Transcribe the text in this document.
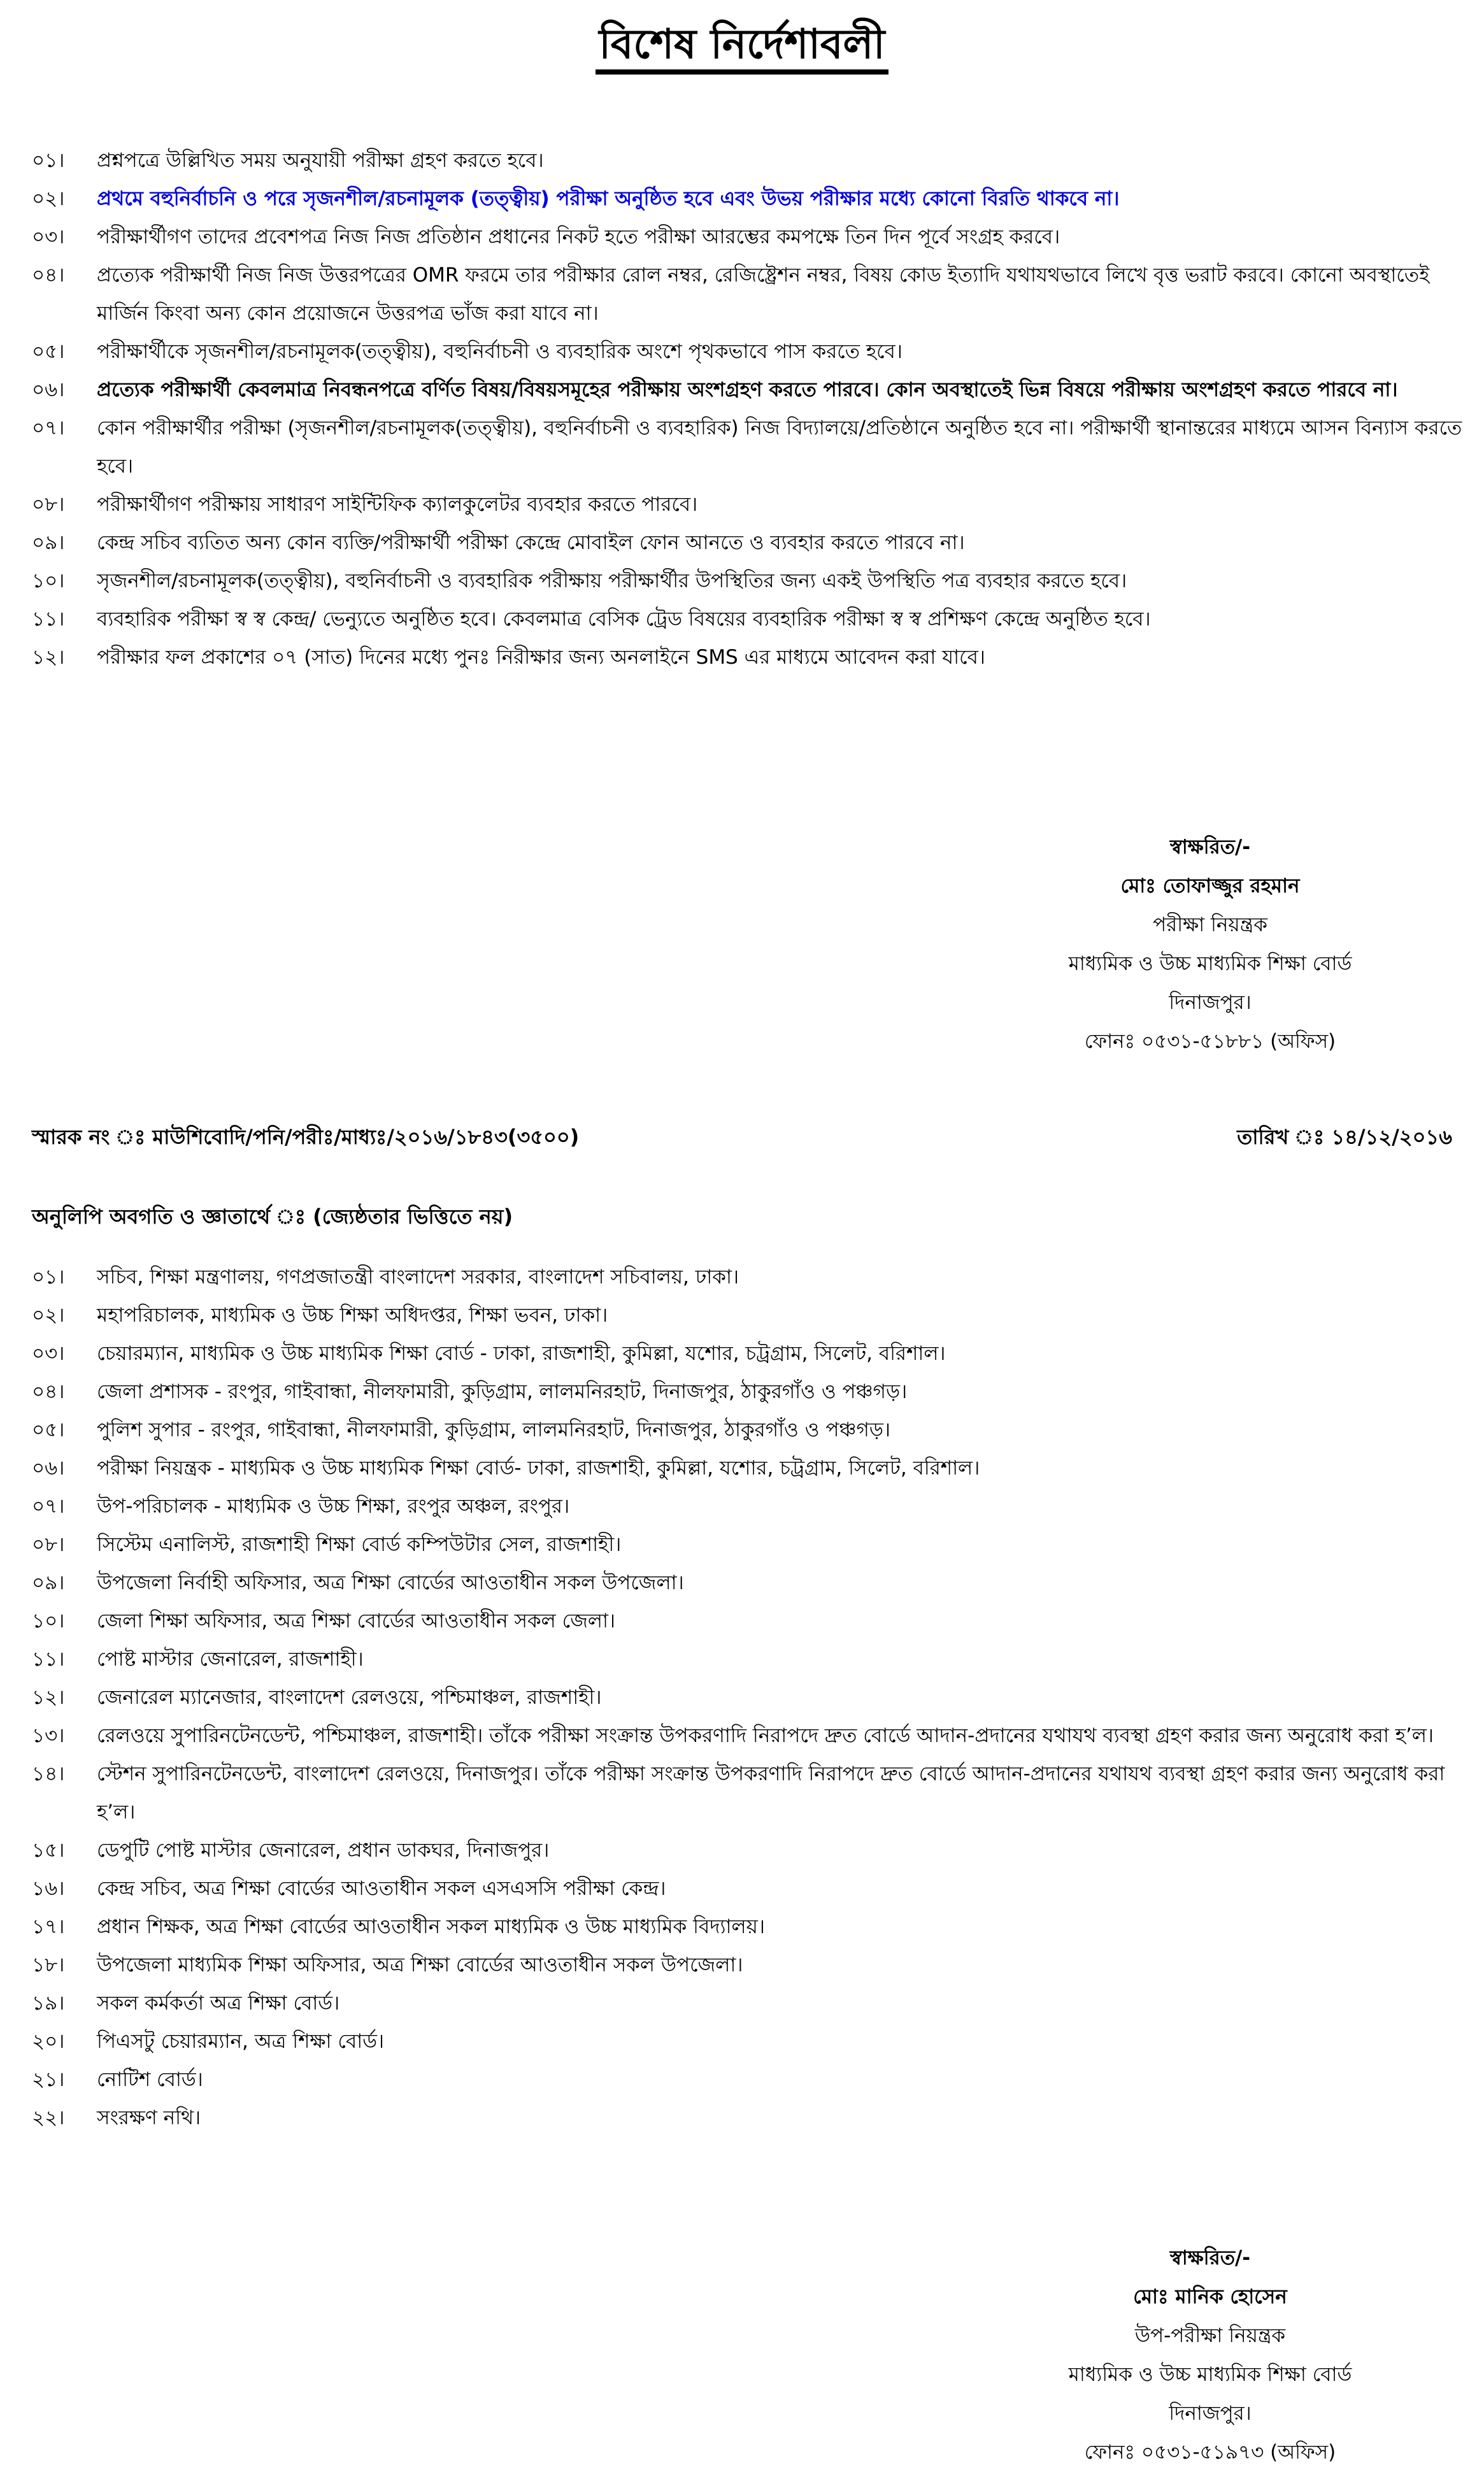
বিশেষ নির্দেশাবলী
০১।	প্রশ্নপত্রে উল্লিখিত সময় অনুযায়ী পরীক্ষা গ্রহণ করতে হবে।
০২।	প্রথমে বহুনির্বাচনি ও পরে সৃজনশীল/রচনামূলক (তত্ত্বীয়) পরীক্ষা অনুষ্ঠিত হবে এবং উভয় পরীক্ষার মধ্যে কোনো বিরতি থাকবে না।
০৩।	পরীক্ষার্থীগণ তাদের প্রবেশপত্র নিজ নিজ প্রতিষ্ঠান প্রধানের নিকট হতে পরীক্ষা আরম্ভের কমপক্ষে তিন দিন পূর্বে সংগ্রহ করবে।
০৪।	প্রত্যেক পরীক্ষার্থী নিজ নিজ উত্তরপত্রের OMR ফরমে তার পরীক্ষার রোল নম্বর, রেজিষ্ট্রেশন নম্বর, বিষয় কোড ইত্যাদি যথাযথভাবে লিখে বৃত্ত ভরাট করবে। কোনো অবস্থাতেই মার্জিন কিংবা অন্য কোন প্রয়োজনে উত্তরপত্র ভাঁজ করা যাবে না।
০৫।	পরীক্ষার্থীকে সৃজনশীল/রচনামূলক(তত্ত্বীয়), বহুনির্বাচনী ও ব্যবহারিক অংশে পৃথকভাবে পাস করতে হবে।
০৬।	প্রত্যেক পরীক্ষার্থী কেবলমাত্র নিবন্ধনপত্রে বর্ণিত বিষয়/বিষয়সমূহের পরীক্ষায় অংশগ্রহণ করতে পারবে। কোন অবস্থাতেই ভিন্ন বিষয়ে পরীক্ষায় অংশগ্রহণ করতে পারবে না।
০৭।	কোন পরীক্ষার্থীর পরীক্ষা (সৃজনশীল/রচনামূলক(তত্ত্বীয়), বহুনির্বাচনী ও ব্যবহারিক) নিজ বিদ্যালয়ে/প্রতিষ্ঠানে অনুষ্ঠিত হবে না। পরীক্ষার্থী স্থানান্তরের মাধ্যমে আসন বিন্যাস করতে হবে।
০৮।	পরীক্ষার্থীগণ পরীক্ষায় সাধারণ সাইন্টিফিক ক্যালকুলেটর ব্যবহার করতে পারবে।
০৯।	কেন্দ্র সচিব ব্যতিত অন্য কোন ব্যক্তি/পরীক্ষার্থী পরীক্ষা কেন্দ্রে মোবাইল ফোন আনতে ও ব্যবহার করতে পারবে না।
১০।	সৃজনশীল/রচনামূলক(তত্ত্বীয়), বহুনির্বাচনী ও ব্যবহারিক পরীক্ষায় পরীক্ষার্থীর উপস্থিতির জন্য একই উপস্থিতি পত্র ব্যবহার করতে হবে।
১১।	ব্যবহারিক পরীক্ষা স্ব স্ব কেন্দ্র/ ভেন্যুতে অনুষ্ঠিত হবে। কেবলমাত্র বেসিক ট্রেড বিষয়ের ব্যবহারিক পরীক্ষা স্ব স্ব প্রশিক্ষণ কেন্দ্রে অনুষ্ঠিত হবে।
১২।	পরীক্ষার ফল প্রকাশের ০৭ (সাত) দিনের মধ্যে পুনঃ নিরীক্ষার জন্য অনলাইনে SMS এর মাধ্যমে আবেদন করা যাবে।
স্বাক্ষরিত/-
মোঃ তোফাজ্জুর রহমান
পরীক্ষা নিয়ন্ত্রক
মাধ্যমিক ও উচ্চ মাধ্যমিক শিক্ষা বোর্ড
দিনাজপুর।
ফোনঃ ০৫৩১-৫১৮৮১ (অফিস)
স্মারক নং ঃ মাউশিবোদি/পনি/পরীঃ/মাধ্যঃ/২০১৬/১৮৪৩(৩৫০০)	তারিখ ঃ ১৪/১২/২০১৬
অনুলিপি অবগতি ও জ্ঞাতার্থে ঃ (জ্যেষ্ঠতার ভিত্তিতে নয়)
০১।	সচিব, শিক্ষা মন্ত্রণালয়, গণপ্রজাতন্ত্রী বাংলাদেশ সরকার, বাংলাদেশ সচিবালয়, ঢাকা।
০২।	মহাপরিচালক, মাধ্যমিক ও উচ্চ শিক্ষা অধিদপ্তর, শিক্ষা ভবন, ঢাকা।
০৩।	চেয়ারম্যান, মাধ্যমিক ও উচ্চ মাধ্যমিক শিক্ষা বোর্ড - ঢাকা, রাজশাহী, কুমিল্লা, যশোর, চট্রগ্রাম, সিলেট, বরিশাল।
০৪।	জেলা প্রশাসক - রংপুর, গাইবান্ধা, নীলফামারী, কুড়িগ্রাম, লালমনিরহাট, দিনাজপুর, ঠাকুরগাঁও ও পঞ্চগড়।
০৫।	পুলিশ সুপার - রংপুর, গাইবান্ধা, নীলফামারী, কুড়িগ্রাম, লালমনিরহাট, দিনাজপুর, ঠাকুরগাঁও ও পঞ্চগড়।
০৬।	পরীক্ষা নিয়ন্ত্রক - মাধ্যমিক ও উচ্চ মাধ্যমিক শিক্ষা বোর্ড- ঢাকা, রাজশাহী, কুমিল্লা, যশোর, চট্রগ্রাম, সিলেট, বরিশাল।
০৭।	উপ-পরিচালক - মাধ্যমিক ও উচ্চ শিক্ষা, রংপুর অঞ্চল, রংপুর।
০৮।	সিস্টেম এনালিস্ট, রাজশাহী শিক্ষা বোর্ড কম্পিউটার সেল, রাজশাহী।
০৯।	উপজেলা নির্বাহী অফিসার, অত্র শিক্ষা বোর্ডের আওতাধীন সকল উপজেলা।
১০।	জেলা শিক্ষা অফিসার, অত্র শিক্ষা বোর্ডের আওতাধীন সকল জেলা।
১১।	পোষ্ট মাস্টার জেনারেল, রাজশাহী।
১২।	জেনারেল ম্যানেজার, বাংলাদেশ রেলওয়ে, পশ্চিমাঞ্চল, রাজশাহী।
১৩।	রেলওয়ে সুপারিনটেনডেন্ট, পশ্চিমাঞ্চল, রাজশাহী। তাঁকে পরীক্ষা সংক্রান্ত উপকরণাদি নিরাপদে দ্রুত বোর্ডে আদান-প্রদানের যথাযথ ব্যবস্থা গ্রহণ করার জন্য অনুরোধ করা হ’ল।
১৪।	স্টেশন সুপারিনটেনডেন্ট, বাংলাদেশ রেলওয়ে, দিনাজপুর। তাঁকে পরীক্ষা সংক্রান্ত উপকরণাদি নিরাপদে দ্রুত বোর্ডে আদান-প্রদানের যথাযথ ব্যবস্থা গ্রহণ করার জন্য অনুরোধ করা হ’ল।
১৫।	ডেপুটি পোষ্ট মাস্টার জেনারেল, প্রধান ডাকঘর, দিনাজপুর।
১৬।	কেন্দ্র সচিব, অত্র শিক্ষা বোর্ডের আওতাধীন সকল এসএসসি পরীক্ষা কেন্দ্র।
১৭।	প্রধান শিক্ষক, অত্র শিক্ষা বোর্ডের আওতাধীন সকল মাধ্যমিক ও উচ্চ মাধ্যমিক বিদ্যালয়।
১৮।	উপজেলা মাধ্যমিক শিক্ষা অফিসার, অত্র শিক্ষা বোর্ডের আওতাধীন সকল উপজেলা।
১৯।	সকল কর্মকর্তা অত্র শিক্ষা বোর্ড।
২০।	পিএসটু চেয়ারম্যান, অত্র শিক্ষা বোর্ড।
২১।	নোটিশ বোর্ড।
২২।	সংরক্ষণ নথি।
স্বাক্ষরিত/-
মোঃ মানিক হোসেন
উপ-পরীক্ষা নিয়ন্ত্রক
মাধ্যমিক ও উচ্চ মাধ্যমিক শিক্ষা বোর্ড
দিনাজপুর।
ফোনঃ ০৫৩১-৫১৯৭৩ (অফিস)
